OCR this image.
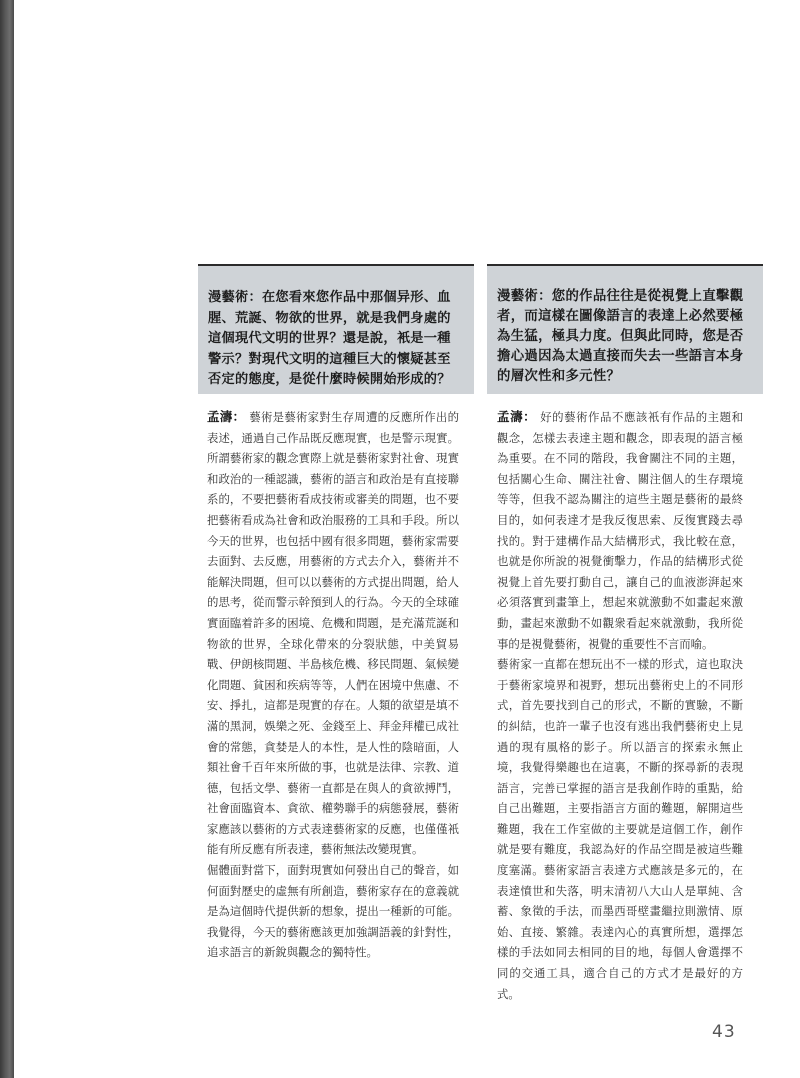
漫藝術：在您看來您作品中那個异形、血腥、荒誕、物欲的世界，就是我們身處的這個現代文明的世界？還是說，衹是一種警示？對現代文明的這種巨大的懷疑甚至否定的態度，是從什麼時候開始形成的？
漫藝術：您的作品往往是從視覺上直擊觀者，而這樣在圖像語言的表達上必然要極為生猛，極具力度。但與此同時，您是否擔心過因為太過直接而失去一些語言本身的層次性和多元性？

孟濤： 藝術是藝術家對生存周遭的反應所作出的表述，通過自己作品既反應現實，也是警示現實。所謂藝術家的觀念實際上就是藝術家對社會、現實和政治的一種認識，藝術的語言和政治是有直接聯系的，不要把藝術看成技術或審美的問題，也不要把藝術看成為社會和政治服務的工具和手段。所以今天的世界，也包括中國有很多問題，藝術家需要去面對、去反應，用藝術的方式去介入，藝術并不能解決問題，但可以以藝術的方式提出問題，給人的思考，從而警示幹預到人的行為。今天的全球確實面臨着許多的困境、危機和問題，是充滿荒誕和物欲的世界，全球化帶來的分裂狀態，中美貿易戰、伊朗核問題、半島核危機、移民問題、氣候變化問題、貧困和疾病等等，人們在困境中焦慮、不安、掙扎，這都是現實的存在。人類的欲望是填不滿的黑洞，娛樂之死、金錢至上、拜金拜權已成社會的常態，貪婪是人的本性，是人性的陰暗面，人類社會千百年來所做的事，也就是法律、宗教、道德，包括文學、藝術一直都是在與人的貪欲搏鬥，社會面臨資本、貪欲、權勢聯手的病態發展，藝術家應該以藝術的方式表達藝術家的反應，也僅僅衹能有所反應有所表達，藝術無法改變現實。

倔體面對當下，面對現實如何發出自己的聲音，如何面對歷史的虛無有所創造，藝術家存在的意義就是為這個時代提供新的想象，提出一種新的可能。我覺得，今天的藝術應該更加強調語義的針對性，追求語言的新銳與觀念的獨特性。

孟濤： 好的藝術作品不應該衹有作品的主題和觀念，怎樣去表達主題和觀念，即表現的語言極為重要。在不同的階段，我會關注不同的主題，包括關心生命、關注社會、關注個人的生存環境等等，但我不認為關注的這些主題是藝術的最終目的，如何表達才是我反復思索、反復實踐去尋找的。對于建構作品大結構形式，我比較在意，也就是你所說的視覺衝擊力，作品的結構形式從視覺上首先要打動自己，讓自己的血液澎湃起來必須落實到畫筆上，想起來就激動不如畫起來激動，畫起來激動不如觀衆看起來就激動，我所從事的是視覺藝術，視覺的重要性不言而喻。

藝術家一直都在想玩出不一樣的形式，這也取決于藝術家境界和視野，想玩出藝術史上的不同形式，首先要找到自己的形式，不斷的實驗，不斷的糾結，也許一輩子也沒有逃出我們藝術史上見過的現有風格的影子。所以語言的探索永無止境，我覺得樂趣也在這裏，不斷的探尋新的表現語言，完善已掌握的語言是我創作時的重點，給自己出難題，主要指語言方面的難題，解開這些難題，我在工作室做的主要就是這個工作，創作就是要有難度，我認為好的作品空間是被這些難度塞滿。藝術家語言表達方式應該是多元的，在表達憤世和失落，明末清初八大山人是單純、含蓄、象徵的手法，而墨西哥壁畫繼拉則激情、原始、直接、繁雜。表達內心的真實所想，選擇怎樣的手法如同去相同的目的地，每個人會選擇不同的交通工具，適合自己的方式才是最好的方式。

43
